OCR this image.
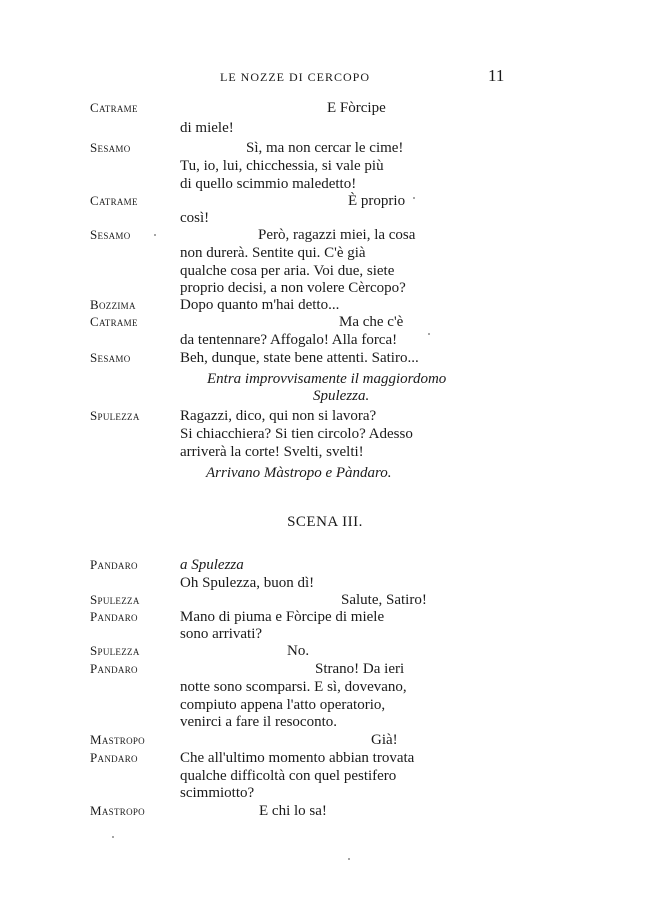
LE NOZZE DI CERCOPO	11
Catrame	E Fòrcipe
di miele!
Sesamo	Sì, ma non cercar le cime!
Tu, io, lui, chicchessia, si vale più
di quello scimmio maledetto!
Catrame	È proprio
così!
Sesamo	Però, ragazzi miei, la cosa
non durerà. Sentite qui. C'è già
qualche cosa per aria. Voi due, siete
proprio decisi, a non volere Cèrcopo?
Bozzima	Dopo quanto m'hai detto...
Catrame	Ma che c'è
da tentennare? Affogalo! Alla forca!
Sesamo	Beh, dunque, state bene attenti. Satiro...
Entra improvvisamente il maggiordomo
Spulezza.
Spulezza	Ragazzi, dico, qui non si lavora?
Si chiacchiera? Si tien circolo? Adesso
arriverà la corte! Svelti, svelti!
Arrivano Màstropo e Pàndaro.
SCENA III.
Pandaro	a Spulezza
Oh Spulezza, buon dì!
Spulezza	Salute, Satiro!
Pandaro	Mano di piuma e Fòrcipe di miele
sono arrivati?
Spulezza	No.
Pandaro	Strano! Da ieri
notte sono scomparsi. E sì, dovevano,
compiuto appena l'atto operatorio,
venirci a fare il resoconto.
Mastropo	Già!
Pandaro	Che all'ultimo momento abbian trovata
qualche difficoltà con quel pestifero
scimmiotto?
Mastropo	E chi lo sa!
